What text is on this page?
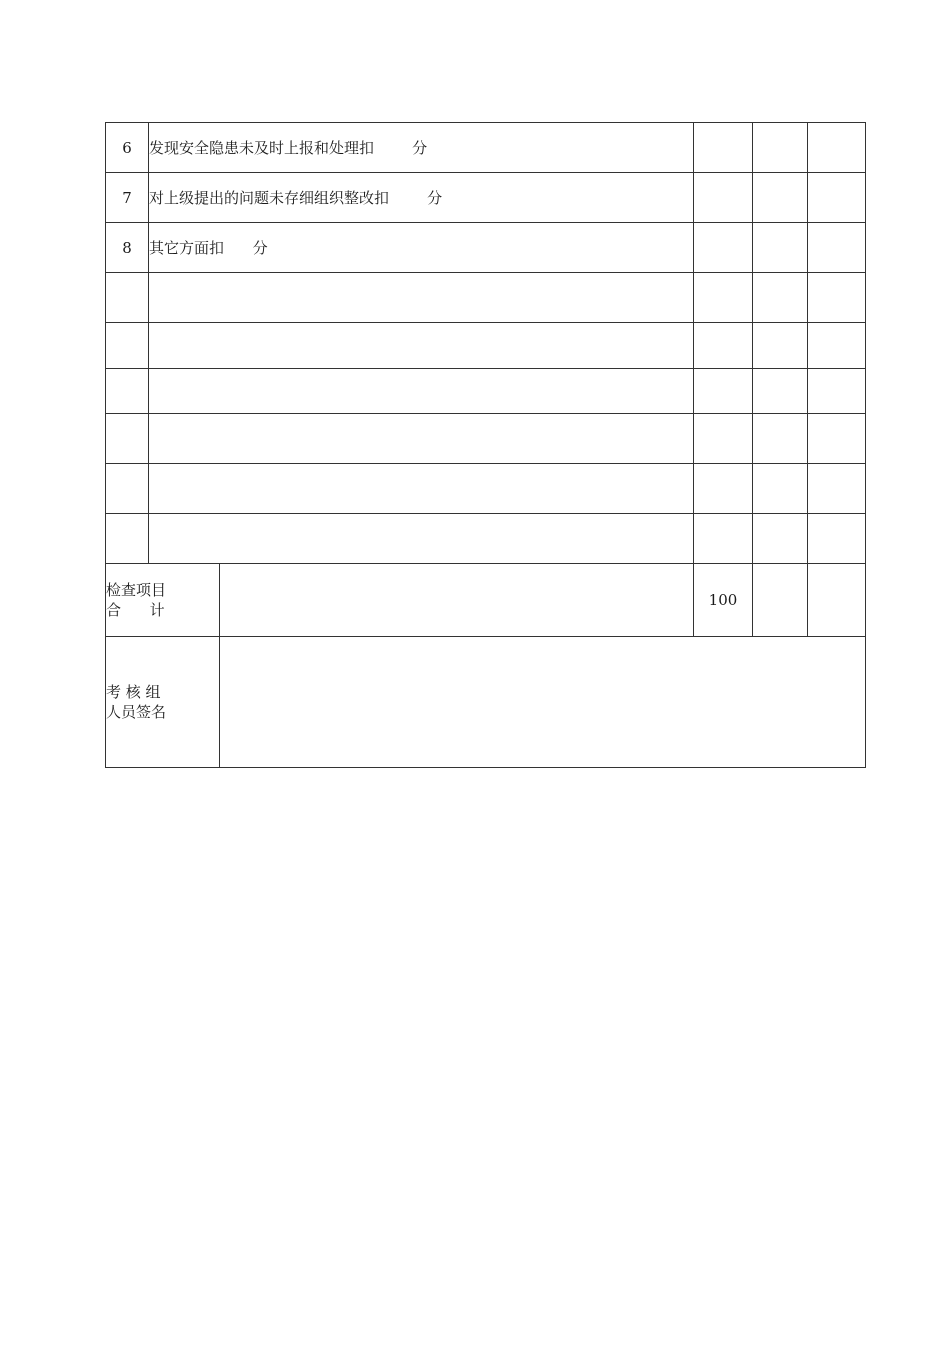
6	发现安全隐患未及时上报和处理扣        分				
7	对上级提出的问题未存细组织整改扣        分				
8	其它方面扣      分				

检查项目
合      计			100		

考 核 组
人员签名					
